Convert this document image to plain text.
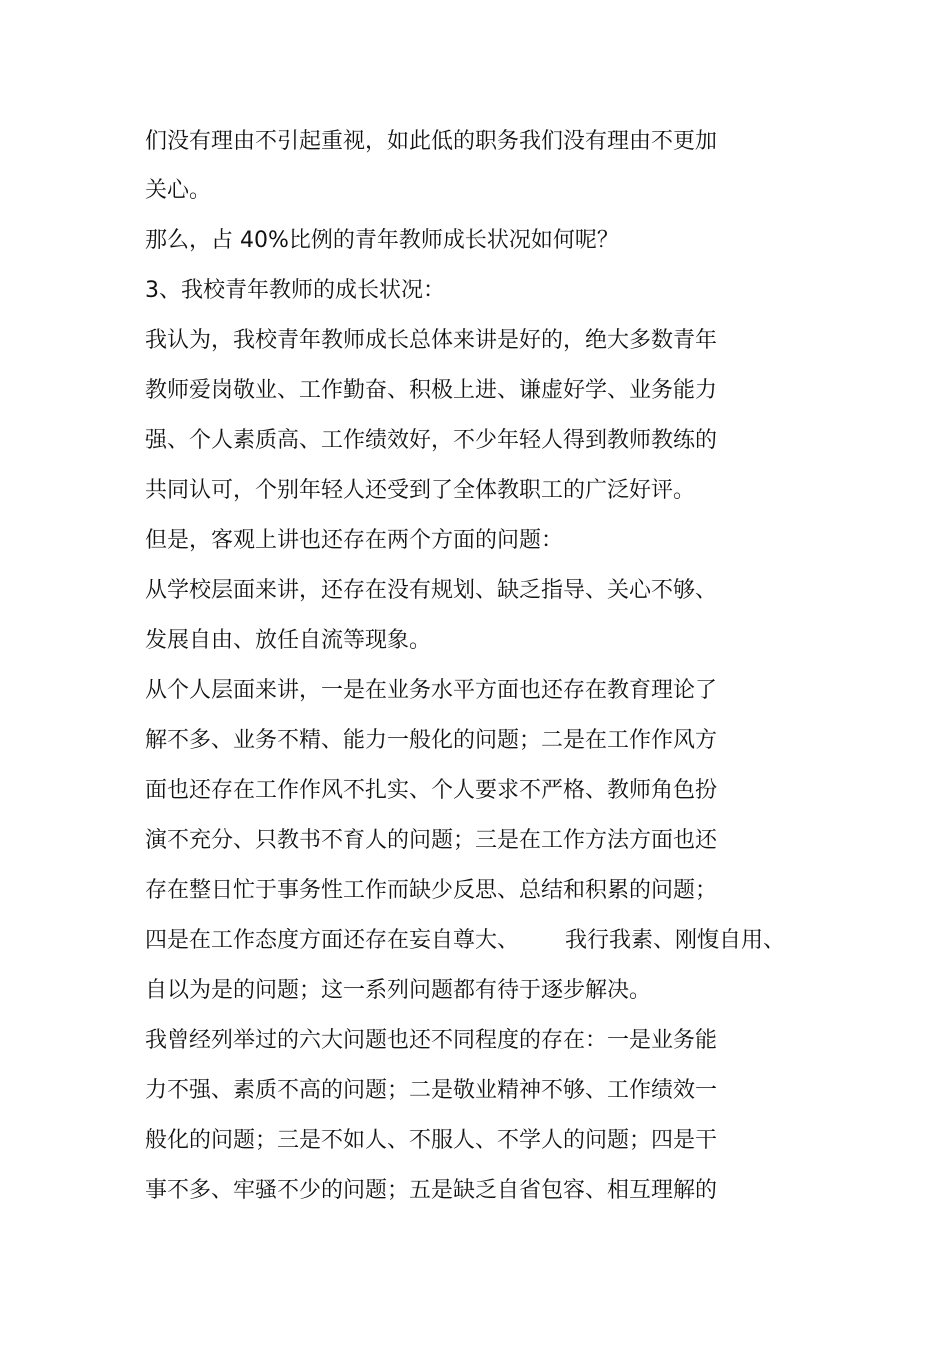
们没有理由不引起重视，如此低的职务我们没有理由不更加

关心。

那么，占 40%比例的青年教师成长状况如何呢？

3、我校青年教师的成长状况：

我认为，我校青年教师成长总体来讲是好的，绝大多数青年

教师爱岗敬业、工作勤奋、积极上进、谦虚好学、业务能力

强、个人素质高、工作绩效好，不少年轻人得到教师教练的

共同认可，个别年轻人还受到了全体教职工的广泛好评。

但是，客观上讲也还存在两个方面的问题：

从学校层面来讲，还存在没有规划、缺乏指导、关心不够、

发展自由、放任自流等现象。

从个人层面来讲，一是在业务水平方面也还存在教育理论了

解不多、业务不精、能力一般化的问题；二是在工作作风方

面也还存在工作作风不扎实、个人要求不严格、教师角色扮

演不充分、只教书不育人的问题；三是在工作方法方面也还

存在整日忙于事务性工作而缺少反思、总结和积累的问题；

四是在工作态度方面还存在妄自尊大、 我行我素、刚愎自用、

自以为是的问题；这一系列问题都有待于逐步解决。

我曾经列举过的六大问题也还不同程度的存在：一是业务能

力不强、素质不高的问题；二是敬业精神不够、工作绩效一

般化的问题；三是不如人、不服人、不学人的问题；四是干

事不多、牢骚不少的问题；五是缺乏自省包容、相互理解的
